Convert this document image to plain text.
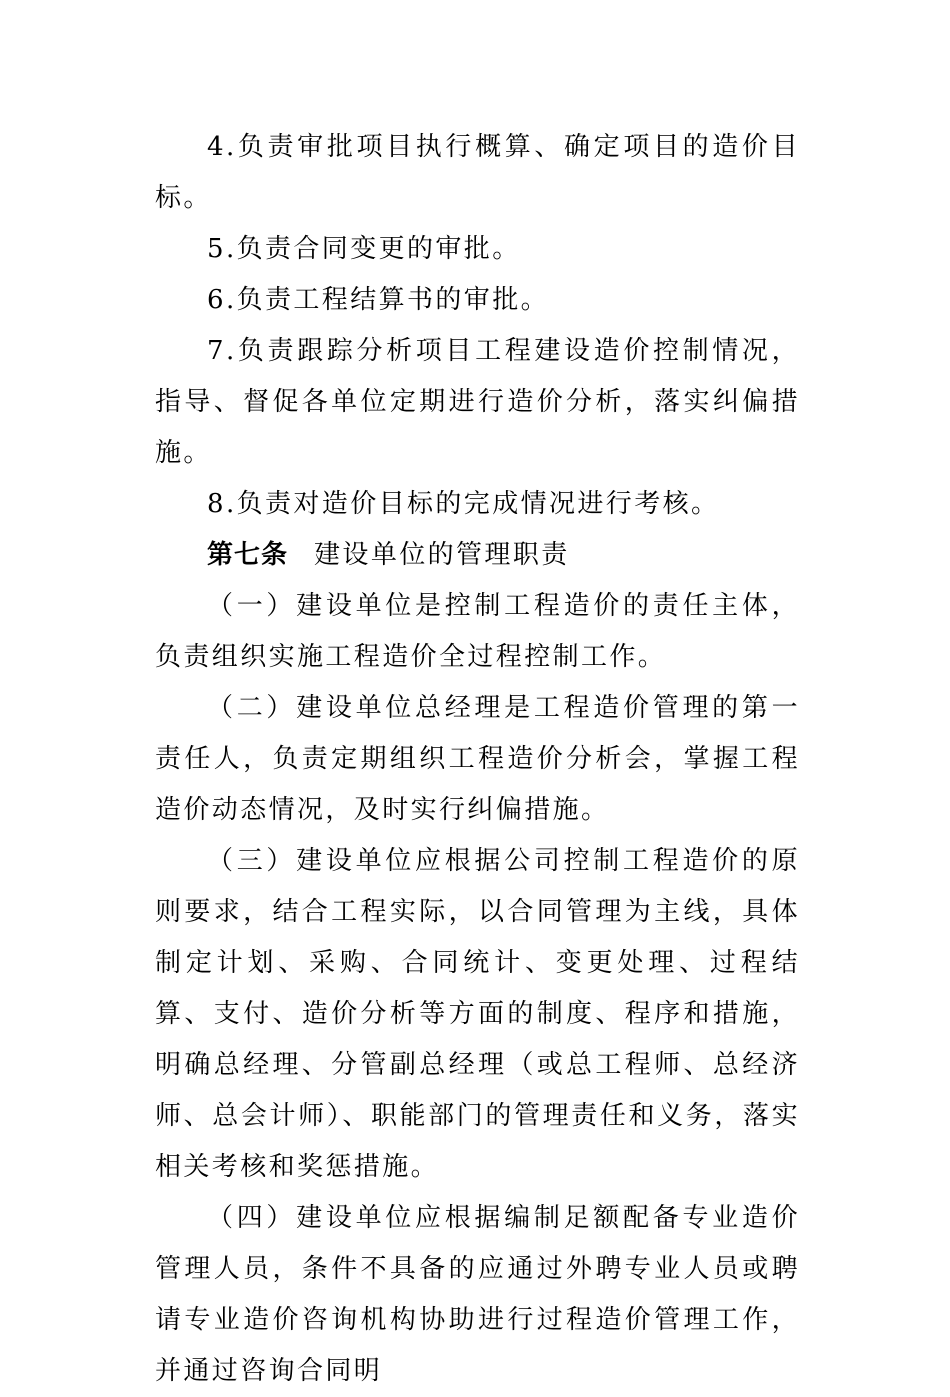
4.负责审批项目执行概算、确定项目的造价目标。

5.负责合同变更的审批。

6.负责工程结算书的审批。

7.负责跟踪分析项目工程建设造价控制情况，指导、督促各单位定期进行造价分析，落实纠偏措施。

8.负责对造价目标的完成情况进行考核。

第七条 建设单位的管理职责

（一）建设单位是控制工程造价的责任主体，负责组织实施工程造价全过程控制工作。

（二）建设单位总经理是工程造价管理的第一责任人，负责定期组织工程造价分析会，掌握工程造价动态情况，及时实行纠偏措施。

（三）建设单位应根据公司控制工程造价的原则要求，结合工程实际，以合同管理为主线，具体制定计划、采购、合同统计、变更处理、过程结算、支付、造价分析等方面的制度、程序和措施，明确总经理、分管副总经理（或总工程师、总经济师、总会计师）、职能部门的管理责任和义务，落实相关考核和奖惩措施。

（四）建设单位应根据编制足额配备专业造价管理人员，条件不具备的应通过外聘专业人员或聘请专业造价咨询机构协助进行过程造价管理工作，并通过咨询合同明
